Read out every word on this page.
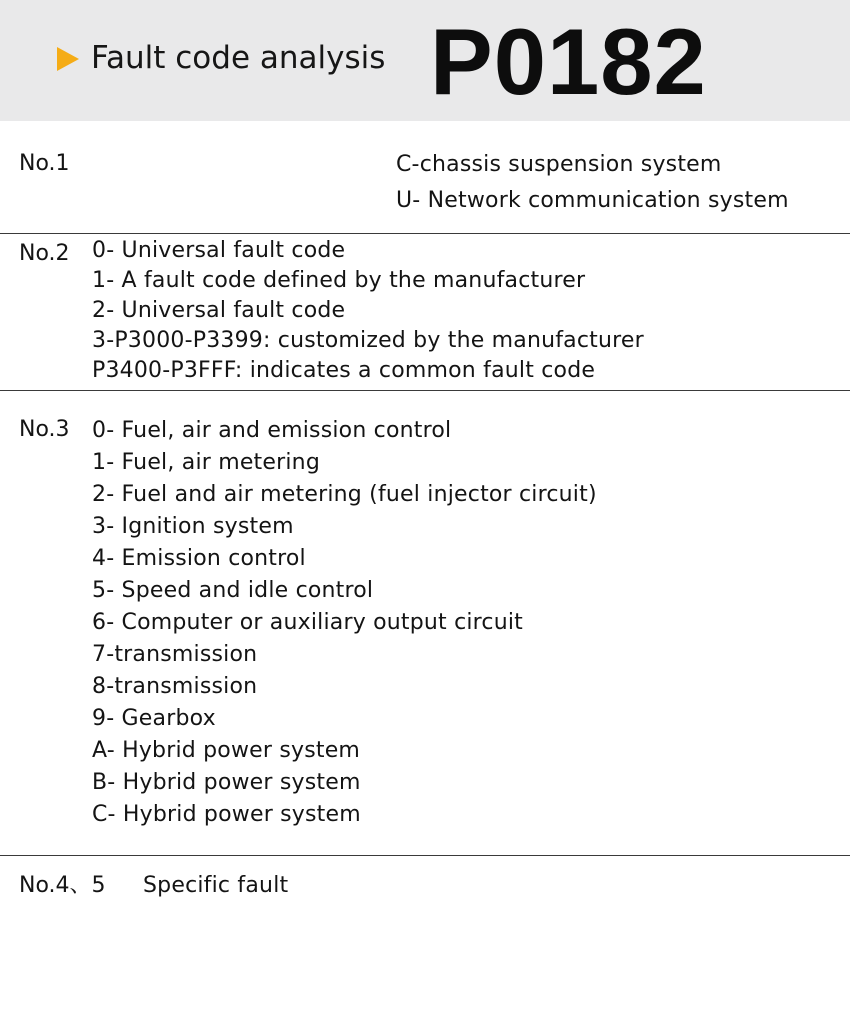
Fault code analysis P0182
No.1	C-chassis suspension system
U- Network communication system
No.2 0- Universal fault code
1- A fault code defined by the manufacturer
2- Universal fault code
3-P3000-P3399: customized by the manufacturer
P3400-P3FFF: indicates a common fault code
No.3 0- Fuel, air and emission control
1- Fuel, air metering
2- Fuel and air metering (fuel injector circuit)
3- Ignition system
4- Emission control
5- Speed and idle control
6- Computer or auxiliary output circuit
7-transmission
8-transmission
9- Gearbox
A- Hybrid power system
B- Hybrid power system
C- Hybrid power system
No.4、5 Specific fault
